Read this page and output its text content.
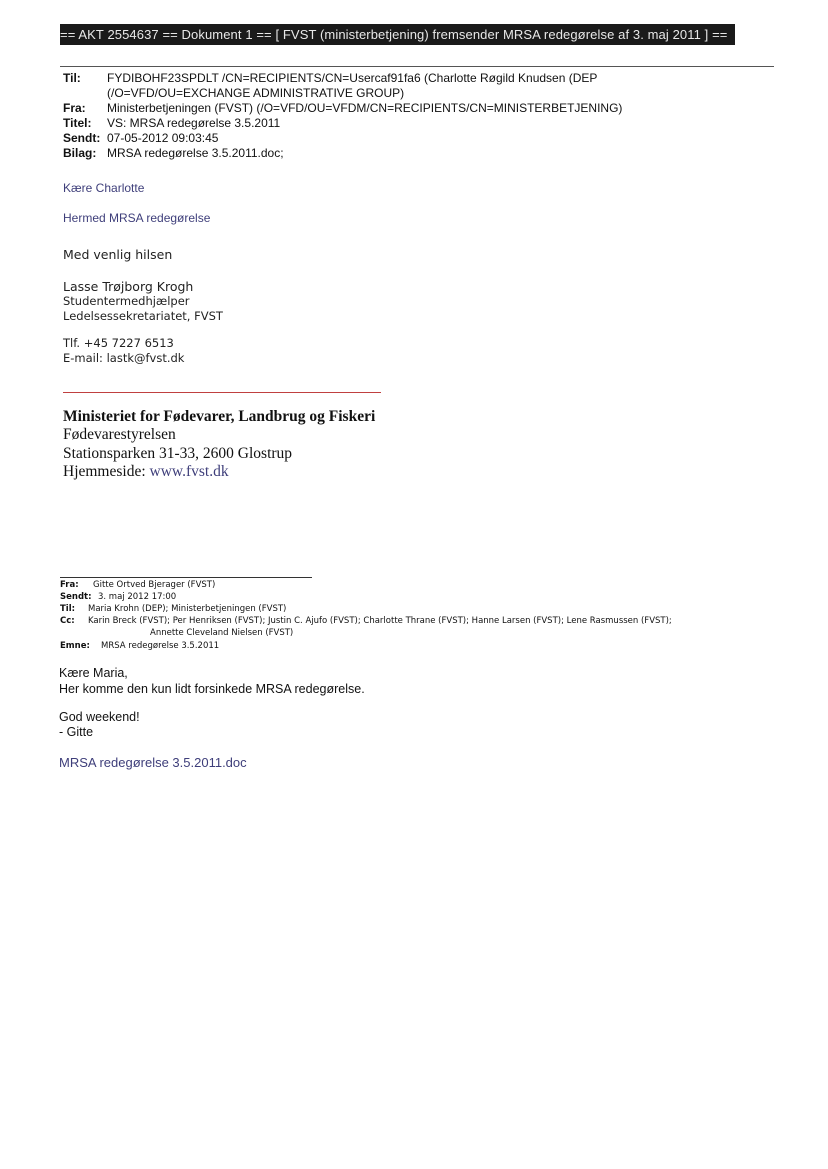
== AKT 2554637 == Dokument 1 == [ FVST (ministerbetjening) fremsender MRSA redegørelse af 3. maj 2011 ] ==
Til: FYDIBOHF23SPDLT /CN=RECIPIENTS/CN=Usercaf91fa6 (Charlotte Røgild Knudsen (DEP
(/O=VFD/OU=EXCHANGE ADMINISTRATIVE GROUP)
Fra: Ministerbetjeningen (FVST) (/O=VFD/OU=VFDM/CN=RECIPIENTS/CN=MINISTERBETJENING)
Titel: VS: MRSA redegørelse 3.5.2011
Sendt: 07-05-2012 09:03:45
Bilag: MRSA redegørelse 3.5.2011.doc;
Kære Charlotte
Hermed MRSA redegørelse
Med venlig hilsen
Lasse Trøjborg Krogh
Studentermedhjælper
Ledelsessekretariatet, FVST
Tlf. +45 7227 6513
E-mail: lastk@fvst.dk
Ministeriet for Fødevarer, Landbrug og Fiskeri
Fødevarestyrelsen
Stationsparken 31-33, 2600 Glostrup
Hjemmeside: www.fvst.dk
Fra: Gitte Ortved Bjerager (FVST)
Sendt: 3. maj 2012 17:00
Til: Maria Krohn (DEP); Ministerbetjeningen (FVST)
Cc: Karin Breck (FVST); Per Henriksen (FVST); Justin C. Ajufo (FVST); Charlotte Thrane (FVST); Hanne Larsen (FVST); Lene Rasmussen (FVST);
Annette Cleveland Nielsen (FVST)
Emne: MRSA redegørelse 3.5.2011
Kære Maria,
Her komme den kun lidt forsinkede MRSA redegørelse.
God weekend!
- Gitte
MRSA redegørelse 3.5.2011.doc
